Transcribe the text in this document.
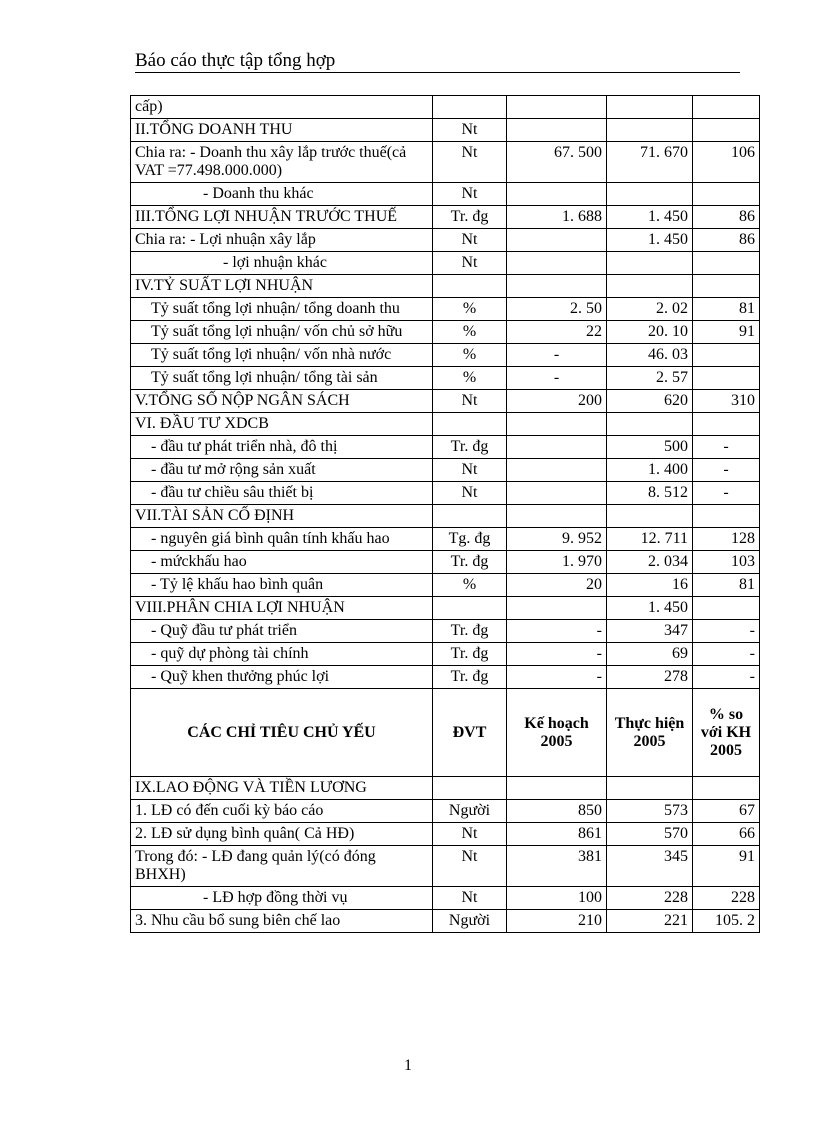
Báo cáo thực tập tổng hợp
cấp)				
II.TỔNG DOANH THU	Nt			
Chia ra: - Doanh thu xây lắp trước thuế(cả VAT =77.498.000.000)	Nt	67. 500	71. 670	106
- Doanh thu khác	Nt			
III.TỔNG LỢI NHUẬN TRƯỚC THUẾ	Tr. đg	1. 688	1. 450	86
Chia ra: - Lợi nhuận xây lắp	Nt		1. 450	86
- lợi nhuận khác	Nt			
IV.TỶ SUẤT LỢI NHUẬN				
Tỷ suất tổng lợi nhuận/ tổng doanh thu	%	2. 50	2. 02	81
Tỷ suất tổng lợi nhuận/ vốn chủ sở hữu	%	22	20. 10	91
Tỷ suất tổng lợi nhuận/ vốn nhà nước	%	-	46. 03	
Tỷ suất tổng lợi nhuận/ tổng tài sản	%	-	2. 57	
V.TỔNG SỐ NỘP NGÂN SÁCH	Nt	200	620	310
VI. ĐẦU TƯ XDCB				
- đầu tư phát triển nhà, đô thị	Tr. đg		500	-
- đầu tư mở rộng sản xuất	Nt		1. 400	-
- đầu tư chiều sâu thiết bị	Nt		8. 512	-
VII.TÀI SẢN CỐ ĐỊNH				
- nguyên giá bình quân tính khấu hao	Tg. đg	9. 952	12. 711	128
- mứckhấu hao	Tr. đg	1. 970	2. 034	103
- Tỷ lệ khấu hao bình quân	%	20	16	81
VIII.PHÂN CHIA LỢI NHUẬN			1. 450	
- Quỹ đầu tư phát triển	Tr. đg	-	347	-
- quỹ dự phòng tài chính	Tr. đg	-	69	-
- Quỹ khen thưởng phúc lợi	Tr. đg	-	278	-
CÁC CHỈ TIÊU CHỦ YẾU	ĐVT	Kế hoạch 2005	Thực hiện 2005	% so với KH 2005
IX.LAO ĐỘNG VÀ TIỀN LƯƠNG				
1. LĐ có đến cuối kỳ báo cáo	Người	850	573	67
2. LĐ sử dụng bình quân( Cả HĐ)	Nt	861	570	66
Trong đó: - LĐ đang quản lý(có đóng BHXH)	Nt	381	345	91
- LĐ hợp đồng thời vụ	Nt	100	228	228
3. Nhu cầu bổ sung biên chế lao	Người	210	221	105. 2
1
